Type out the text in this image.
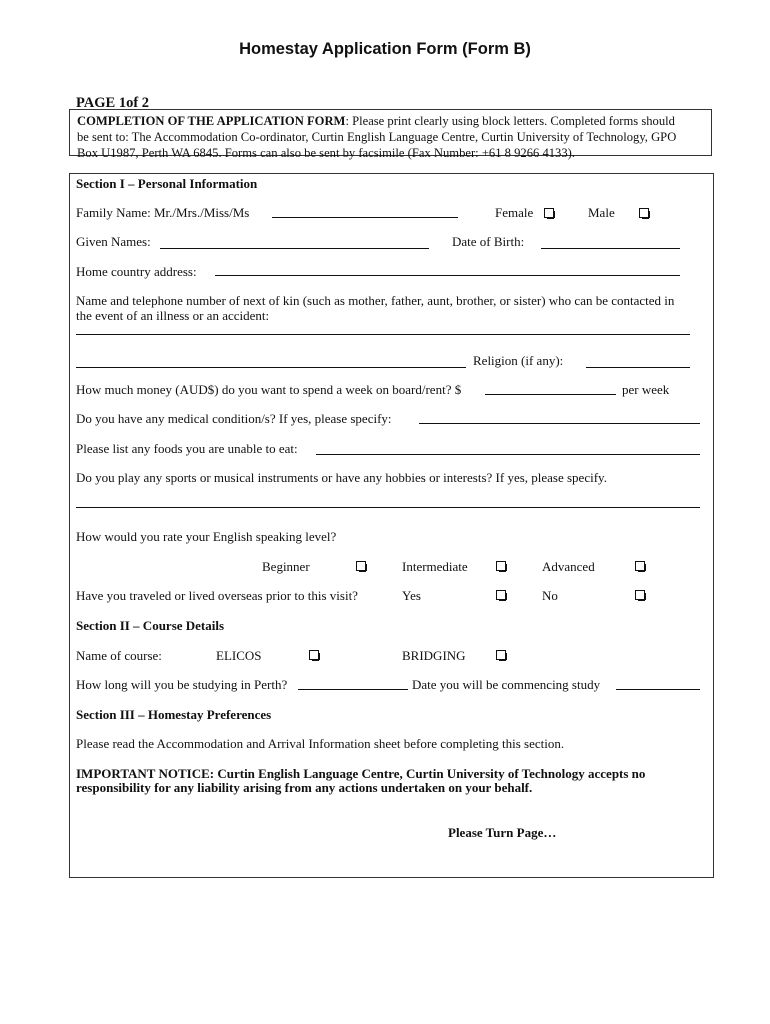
Homestay Application Form (Form B)
PAGE 1of 2
COMPLETION OF THE APPLICATION FORM: Please print clearly using block letters. Completed forms should
be sent to: The Accommodation Co-ordinator, Curtin English Language Centre, Curtin University of Technology, GPO
Box U1987, Perth WA 6845. Forms can also be sent by facsimile (Fax Number: +61 8 9266 4133).
Section I – Personal Information
Family Name: Mr./Mrs./Miss/Ms	Female	Male
Given Names:	Date of Birth:
Home country address:
Name and telephone number of next of kin (such as mother, father, aunt, brother, or sister) who can be contacted in
the event of an illness or an accident:
Religion (if any):
How much money (AUD$) do you want to spend a week on board/rent? $	per week
Do you have any medical condition/s? If yes, please specify:
Please list any foods you are unable to eat:
Do you play any sports or musical instruments or have any hobbies or interests? If yes, please specify.
How would you rate your English speaking level?
Beginner	Intermediate	Advanced
Have you traveled or lived overseas prior to this visit?	Yes	No
Section II – Course Details
Name of course:	ELICOS	BRIDGING
How long will you be studying in Perth?	Date you will be commencing study
Section III – Homestay Preferences
Please read the Accommodation and Arrival Information sheet before completing this section.
IMPORTANT NOTICE: Curtin English Language Centre, Curtin University of Technology accepts no
responsibility for any liability arising from any actions undertaken on your behalf.
Please Turn Page…
